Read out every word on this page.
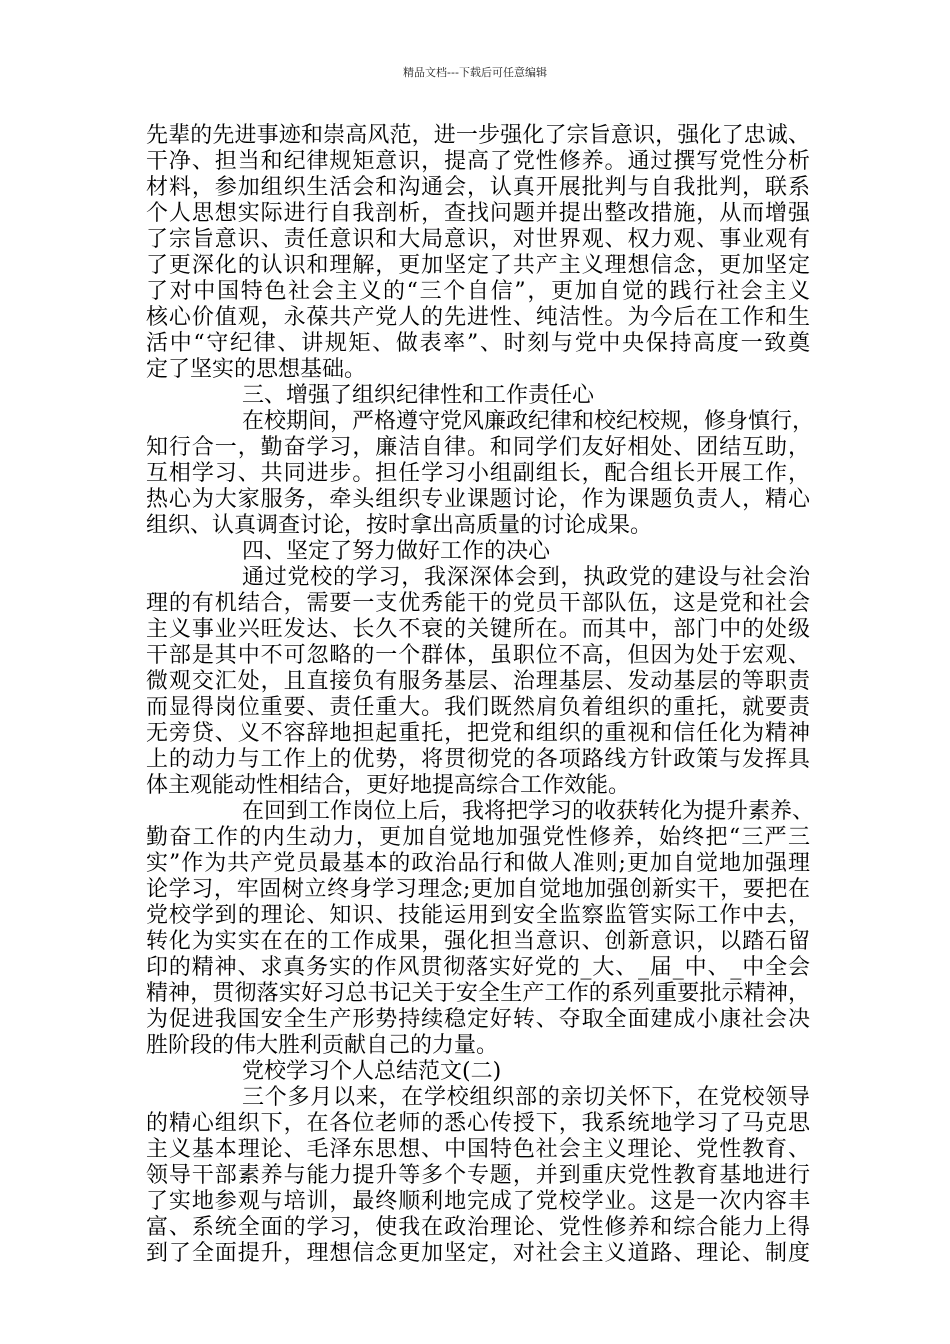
精品文档---下载后可任意编辑
先辈的先进事迹和崇高风范，进一步强化了宗旨意识，强化了忠诚、
干净、担当和纪律规矩意识，提高了党性修养。通过撰写党性分析
材料，参加组织生活会和沟通会，认真开展批判与自我批判，联系
个人思想实际进行自我剖析，查找问题并提出整改措施，从而增强
了宗旨意识、责任意识和大局意识，对世界观、权力观、事业观有
了更深化的认识和理解，更加坚定了共产主义理想信念，更加坚定
了对中国特色社会主义的“三个自信”，更加自觉的践行社会主义
核心价值观，永葆共产党人的先进性、纯洁性。为今后在工作和生
活中“守纪律、讲规矩、做表率”、时刻与党中央保持高度一致奠
定了坚实的思想基础。
三、增强了组织纪律性和工作责任心
在校期间，严格遵守党风廉政纪律和校纪校规，修身慎行，
知行合一，勤奋学习，廉洁自律。和同学们友好相处、团结互助，
互相学习、共同进步。担任学习小组副组长，配合组长开展工作，
热心为大家服务，牵头组织专业课题讨论，作为课题负责人，精心
组织、认真调查讨论，按时拿出高质量的讨论成果。
四、坚定了努力做好工作的决心
通过党校的学习，我深深体会到，执政党的建设与社会治
理的有机结合，需要一支优秀能干的党员干部队伍，这是党和社会
主义事业兴旺发达、长久不衰的关键所在。而其中，部门中的处级
干部是其中不可忽略的一个群体，虽职位不高，但因为处于宏观、
微观交汇处，且直接负有服务基层、治理基层、发动基层的等职责
而显得岗位重要、责任重大。我们既然肩负着组织的重托，就要责
无旁贷、义不容辞地担起重托，把党和组织的重视和信任化为精神
上的动力与工作上的优势，将贯彻党的各项路线方针政策与发挥具
体主观能动性相结合，更好地提高综合工作效能。
在回到工作岗位上后，我将把学习的收获转化为提升素养、
勤奋工作的内生动力，更加自觉地加强党性修养，始终把“三严三
实”作为共产党员最基本的政治品行和做人准则;更加自觉地加强理
论学习，牢固树立终身学习理念;更加自觉地加强创新实干，要把在
党校学到的理论、知识、技能运用到安全监察监管实际工作中去，
转化为实实在在的工作成果，强化担当意识、创新意识，以踏石留
印的精神、求真务实的作风贯彻落实好党的_大、_届_中、_中全会
精神，贯彻落实好习总书记关于安全生产工作的系列重要批示精神，
为促进我国安全生产形势持续稳定好转、夺取全面建成小康社会决
胜阶段的伟大胜利贡献自己的力量。
党校学习个人总结范文(二)
三个多月以来，在学校组织部的亲切关怀下，在党校领导
的精心组织下，在各位老师的悉心传授下，我系统地学习了马克思
主义基本理论、毛泽东思想、中国特色社会主义理论、党性教育、
领导干部素养与能力提升等多个专题，并到重庆党性教育基地进行
了实地参观与培训，最终顺利地完成了党校学业。这是一次内容丰
富、系统全面的学习，使我在政治理论、党性修养和综合能力上得
到了全面提升，理想信念更加坚定，对社会主义道路、理论、制度
